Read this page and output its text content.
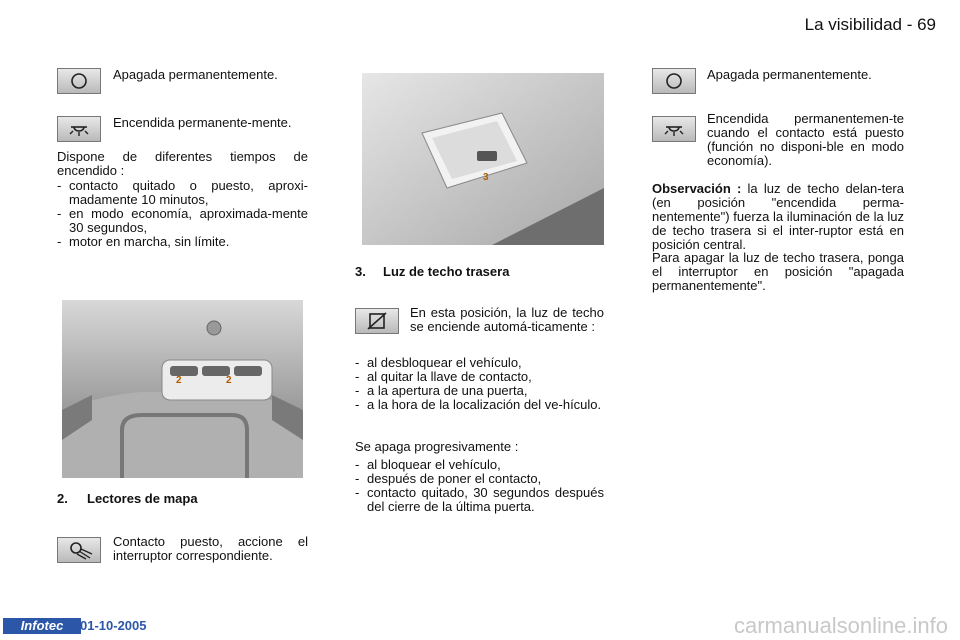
La visibilidad - 69
Apagada permanentemente.
Encendida permanente-mente.
Dispone de diferentes tiempos de encendido :
- contacto quitado o puesto, aproxi-madamente 10 minutos,
- en modo economía, aproximada-mente 30 segundos,
- motor en marcha, sin límite.
2	2
2. Lectores de mapa
Contacto puesto, accione el interruptor correspondiente.
3
3. Luz de techo trasera
En esta posición, la luz de techo se enciende automá-ticamente :
- al desbloquear el vehículo,
- al quitar la llave de contacto,
- a la apertura de una puerta,
- a la hora de la localización del ve-hículo.
Se apaga progresivamente :
- al bloquear el vehículo,
- después de poner el contacto,
- contacto quitado, 30 segundos después del cierre de la última puerta.
Apagada permanentemente.
Encendida permanentemen-te cuando el contacto está puesto (función no disponi-ble en modo economía).
Observación : la luz de techo delan-tera (en posición "encendida perma-nentemente") fuerza la iluminación de la luz de techo trasera si el inter-ruptor está en posición central.
Para apagar la luz de techo trasera, ponga el interruptor en posición "apagada permanentemente".
Infotec	01-10-2005	carmanualsonline.info
